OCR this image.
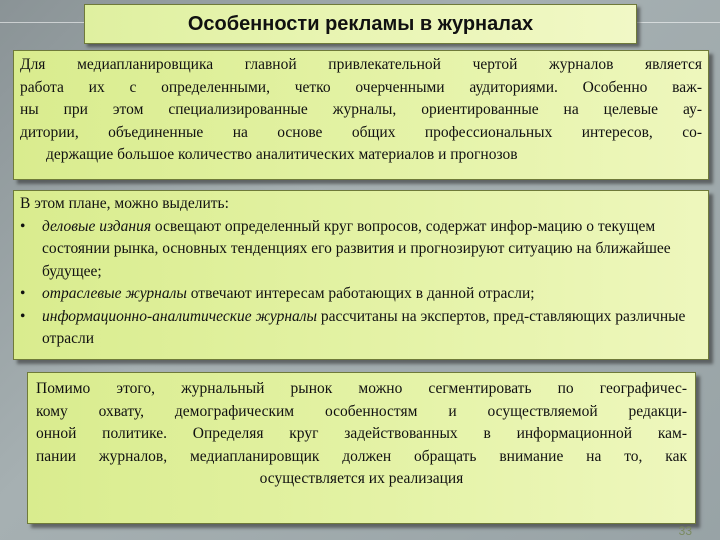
Особенности рекламы в журналах
Для медиапланировщика главной привлекательной чертой журналов является
работа их с определенными, четко очерченными аудиториями. Особенно важ-
ны при этом специализированные журналы, ориентированные на целевые ау-
дитории, объединенные на основе общих профессиональных интересов, со-
держащие большое количество аналитических материалов и прогнозов
В этом плане, можно выделить:
•	деловые издания освещают определенный круг вопросов, содержат инфор-мацию о текущем состоянии рынка, основных тенденциях его развития и прогнозируют ситуацию на ближайшее будущее;
•	отраслевые журналы отвечают интересам работающих в данной отрасли;
•	информационно-аналитические журналы рассчитаны на экспертов, пред-ставляющих различные отрасли
Помимо этого, журнальный рынок можно сегментировать по географичес-
кому охвату, демографическим особенностям и осуществляемой редакци-
онной политике. Определяя круг задействованных в информационной кам-
пании журналов, медиапланировщик должен обращать внимание на то, как
осуществляется их реализация
33
